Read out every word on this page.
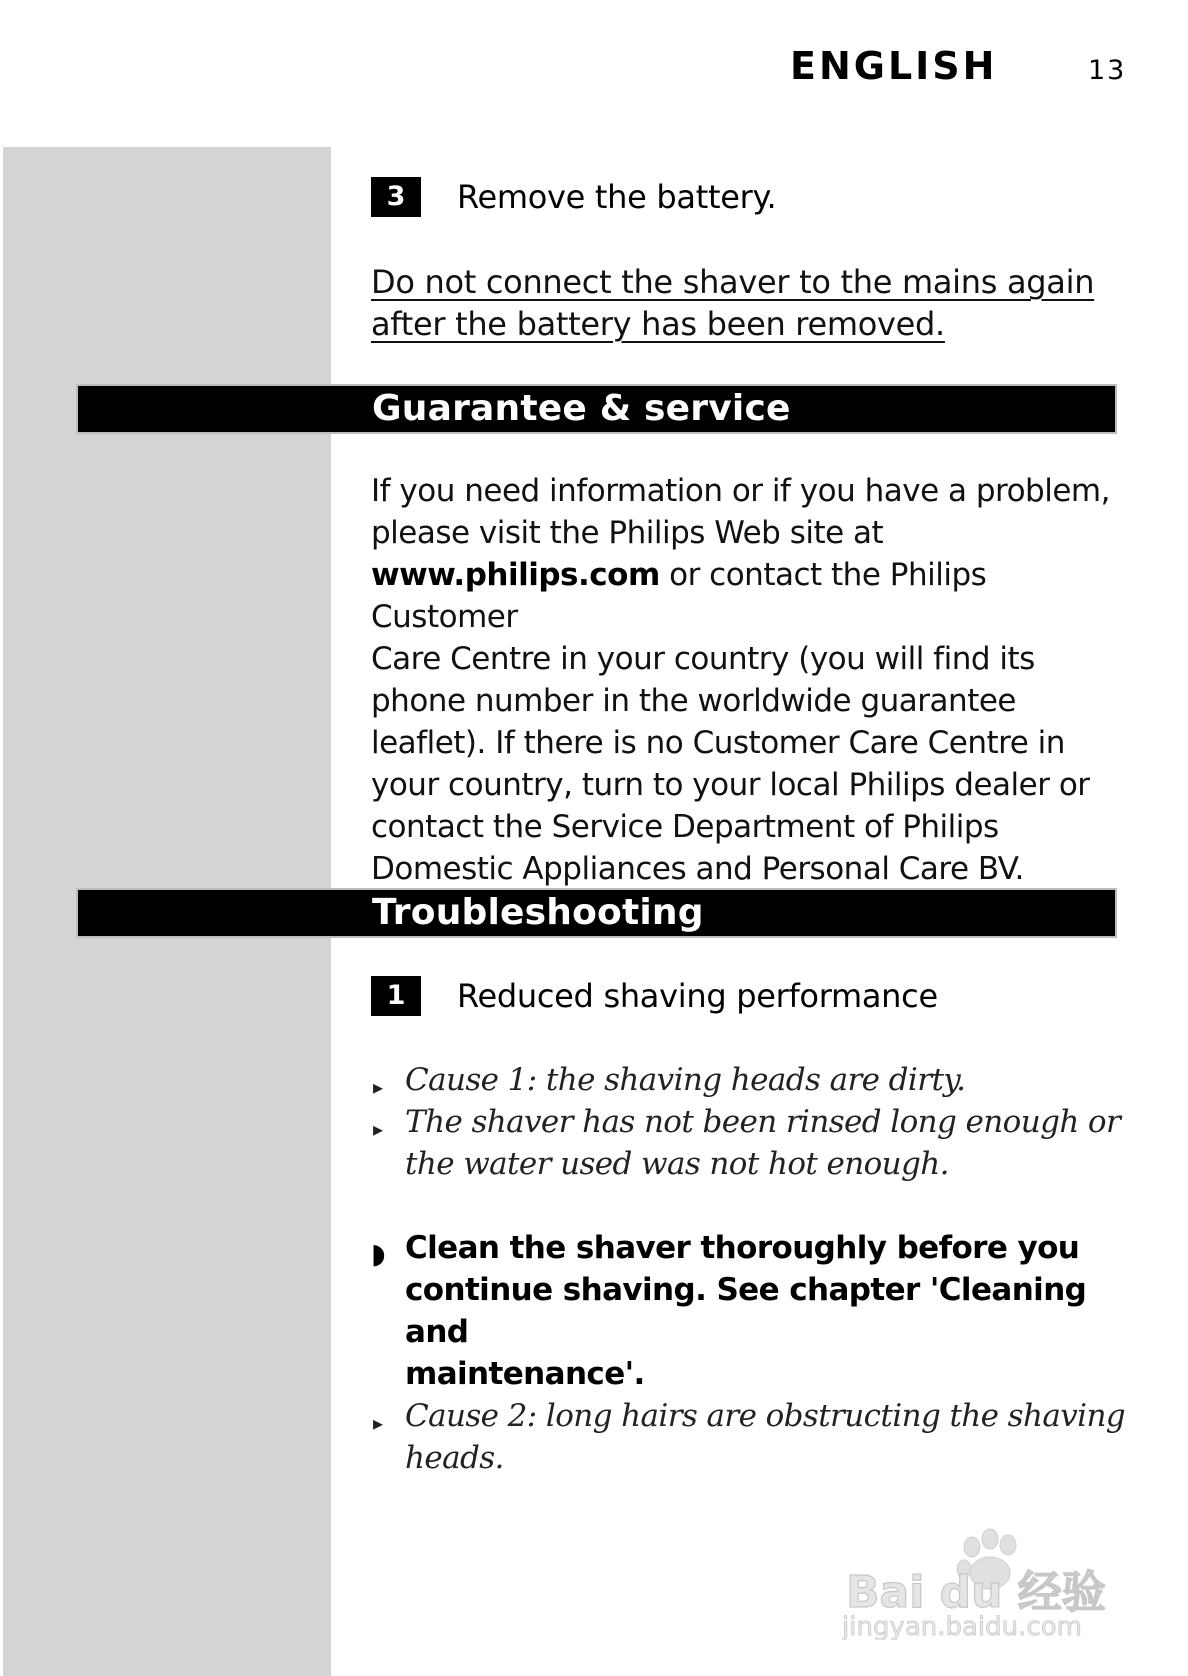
ENGLISH	13
3	Remove the battery.
Do not connect the shaver to the mains again
after the battery has been removed.
Guarantee & service
If you need information or if you have a problem,
please visit the Philips Web site at
www.philips.com or contact the Philips Customer
Care Centre in your country (you will find its
phone number in the worldwide guarantee
leaflet). If there is no Customer Care Centre in
your country, turn to your local Philips dealer or
contact the Service Department of Philips
Domestic Appliances and Personal Care BV.
Troubleshooting
1	Reduced shaving performance
▸ Cause 1: the shaving heads are dirty.
▸ The shaver has not been rinsed long enough or
the water used was not hot enough.
◗ Clean the shaver thoroughly before you
continue shaving. See chapter 'Cleaning and
maintenance'.
▸ Cause 2: long hairs are obstructing the shaving
heads.
Bai du 经验
jingyan.baidu.com
